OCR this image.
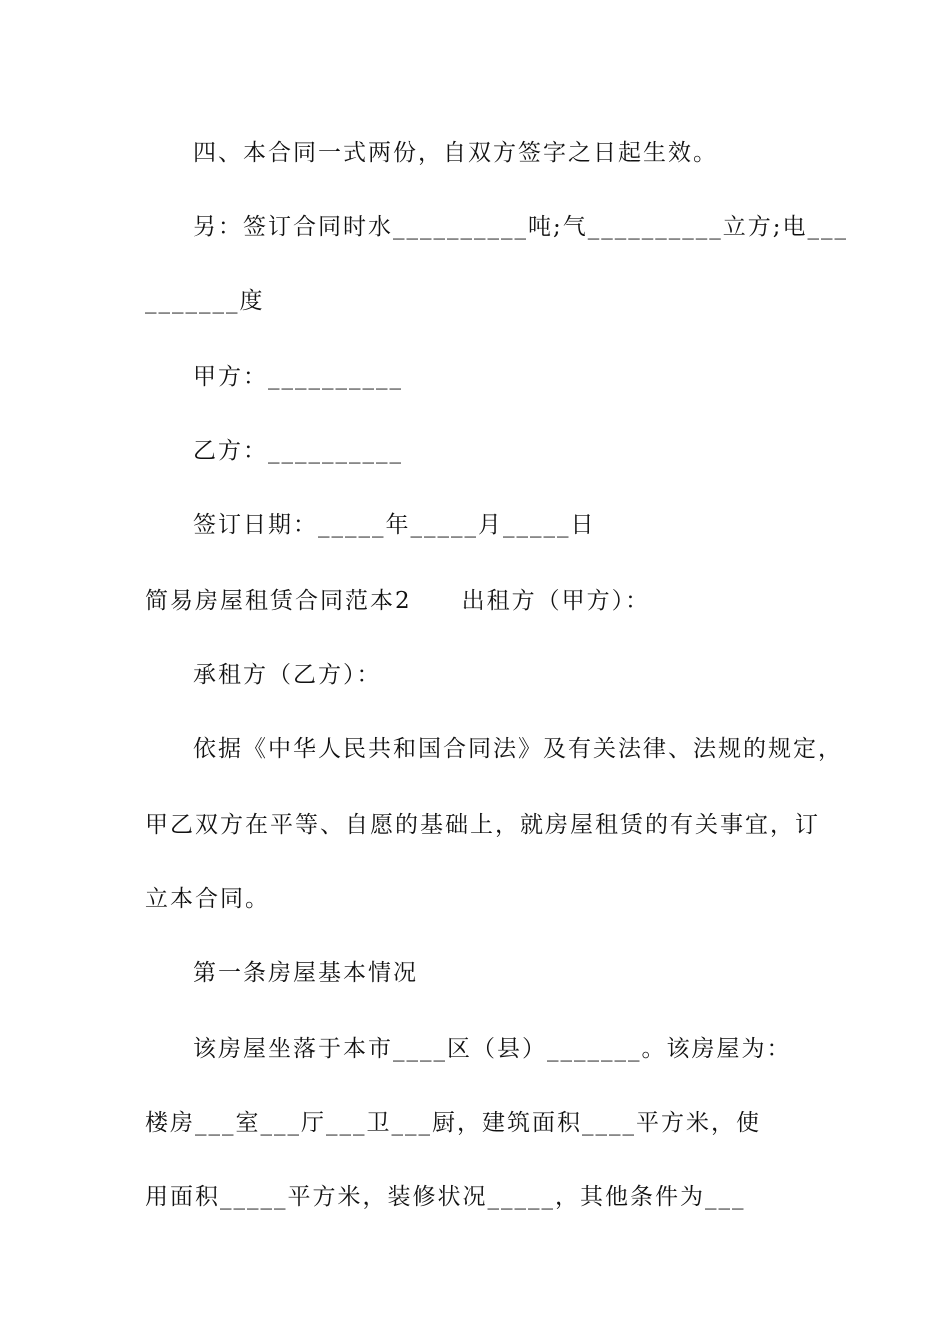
四、本合同一式两份，自双方签字之日起生效。
另：签订合同时水__________吨;气__________立方;电___
_______度
甲方：__________
乙方：__________
签订日期：_____年_____月_____日
简易房屋租赁合同范本2　　出租方（甲方）：
承租方（乙方）：
依据《中华人民共和国合同法》及有关法律、法规的规定，
甲乙双方在平等、自愿的基础上，就房屋租赁的有关事宜，订
立本合同。
第一条房屋基本情况
该房屋坐落于本市____区（县）_______。该房屋为：
楼房___室___厅___卫___厨，建筑面积____平方米，使
用面积_____平方米，装修状况_____，其他条件为___
